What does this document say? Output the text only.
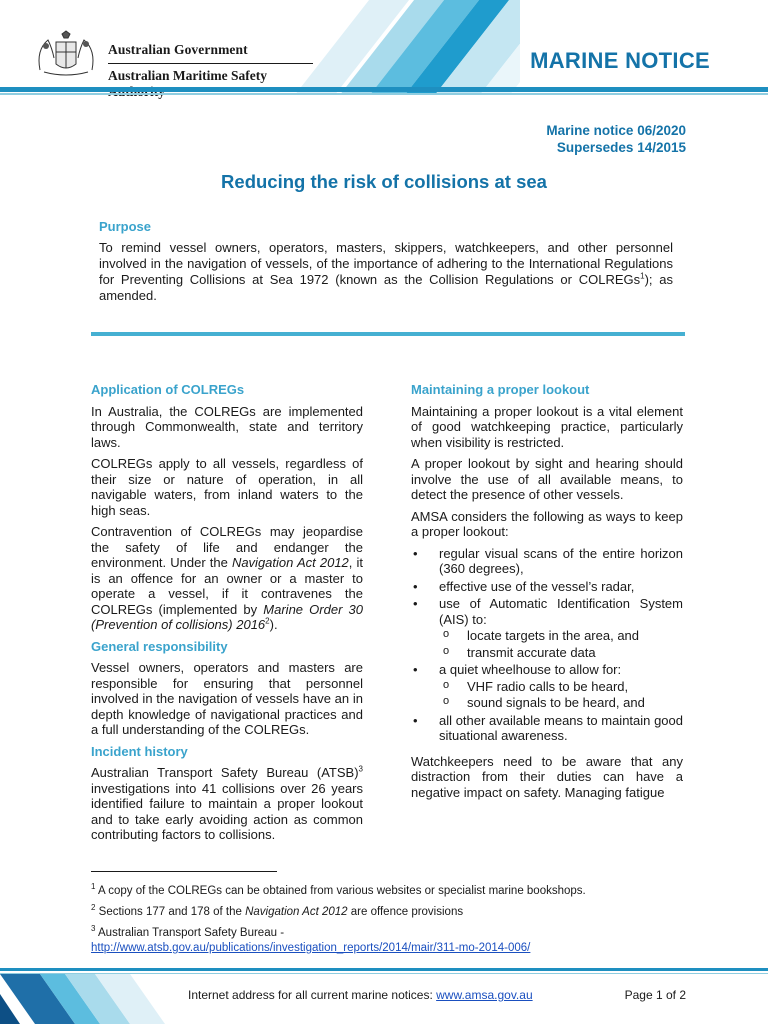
Australian Government
Australian Maritime Safety
MARINE NOTICE
Marine notice 06/2020
Supersedes 14/2015
Reducing the risk of collisions at sea
Purpose
To remind vessel owners, operators, masters, skippers, watchkeepers, and other personnel involved in the navigation of vessels, of the importance of adhering to the International Regulations for Preventing Collisions at Sea 1972 (known as the Collision Regulations or COLREGs$^1$); as amended.
Application of COLREGs

In Australia, the COLREGs are implemented through Commonwealth, state and territory laws.

COLREGs apply to all vessels, regardless of their size or nature of operation, in all navigable waters, from inland waters to the high seas.

Contravention of COLREGs may jeopardise the safety of life and endanger the environment. Under the Navigation Act 2012, it is an offence for an owner or a master to operate a vessel, if it contravenes the COLREGs (implemented by Marine Order 30 (Prevention of collisions) 2016$^2$).

General responsibility

Vessel owners, operators and masters are responsible for ensuring that personnel involved in the navigation of vessels have an in depth knowledge of navigational practices and a full understanding of the COLREGs.

Incident history

Australian Transport Safety Bureau (ATSB)$^3$ investigations into 41 collisions over 26 years identified failure to maintain a proper lookout and to take early avoiding action as common contributing factors to collisions.

Maintaining a proper lookout

Maintaining a proper lookout is a vital element of good watchkeeping practice, particularly when visibility is restricted.

A proper lookout by sight and hearing should involve the use of all available means, to detect the presence of other vessels.

AMSA considers the following as ways to keep a proper lookout:

• regular visual scans of the entire horizon (360 degrees),
• effective use of the vessel’s radar,
• use of Automatic Identification System (AIS) to:
o locate targets in the area, and
o transmit accurate data
• a quiet wheelhouse to allow for:
o VHF radio calls to be heard,
o sound signals to be heard, and
• all other available means to maintain good situational awareness.

Watchkeepers need to be aware that any distraction from their duties can have a negative impact on safety. Managing fatigue

$^1$ A copy of the COLREGs can be obtained from various websites or specialist marine bookshops.
$^2$ Sections 177 and 178 of the Navigation Act 2012 are offence provisions
$^3$ Australian Transport Safety Bureau -
http://www.atsb.gov.au/publications/investigation_reports/2014/mair/311-mo-2014-006/
Internet address for all current marine notices: www.amsa.gov.au	Page 1 of 2
